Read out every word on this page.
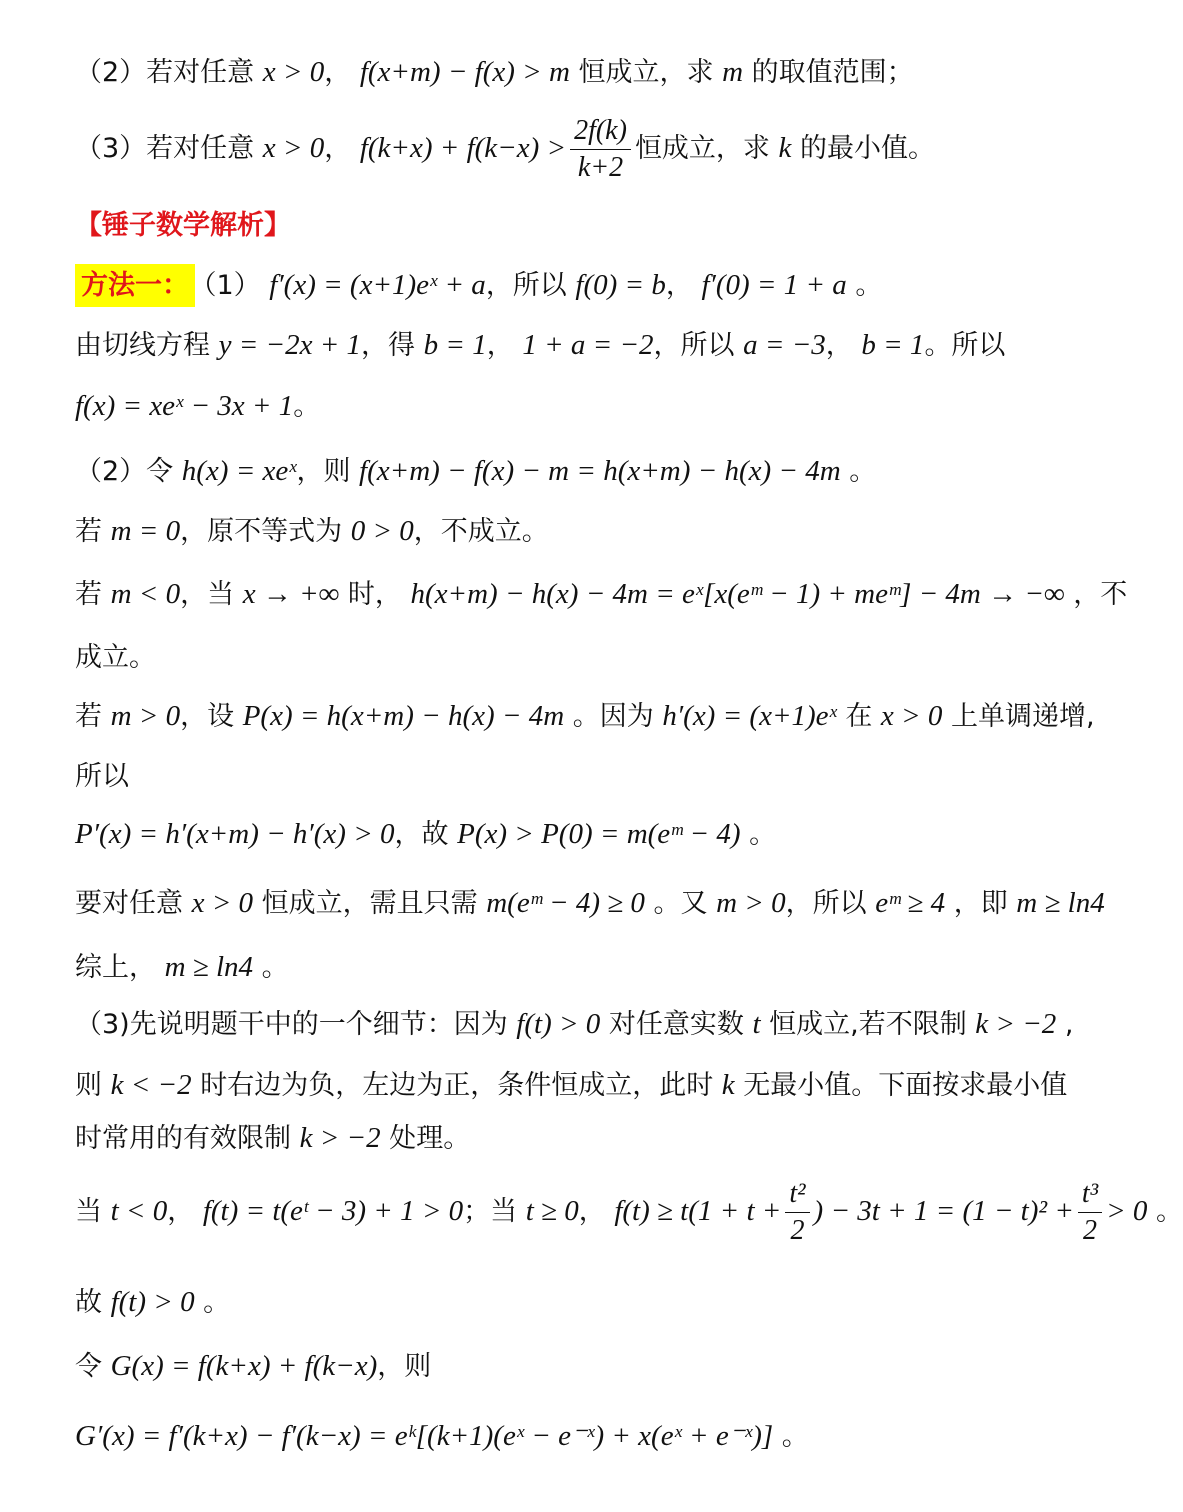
（2）若对任意 x > 0， f(x+m) − f(x) > m 恒成立，求 m 的取值范围；
（3）若对任意 x > 0， $f(k+x) + f(k-x) > \frac{2f(k)}{k+2}$ 恒成立，求 k 的最小值。
【锤子数学解析】
方法一： （1） f′(x) = (x+1)eˣ + a，所以 f(0) = b， f′(0) = 1 + a 。
由切线方程 y = −2x + 1，得 b = 1， 1 + a = −2，所以 a = −3， b = 1。所以
f(x) = xeˣ − 3x + 1。
（2）令 h(x) = xeˣ，则 f(x+m) − f(x) − m = h(x+m) − h(x) − 4m 。
若 m = 0，原不等式为 0 > 0，不成立。
若 m < 0，当 x → +∞ 时， h(x+m) − h(x) − 4m = eˣ[x(eᵐ − 1) + meᵐ] − 4m → −∞ ，不
成立。
若 m > 0，设 P(x) = h(x+m) − h(x) − 4m 。因为 h′(x) = (x+1)eˣ 在 x > 0 上单调递增,
所以
P′(x) = h′(x+m) − h′(x) > 0，故 P(x) > P(0) = m(eᵐ − 4) 。
要对任意 x > 0 恒成立，需且只需 m(eᵐ − 4) ≥ 0 。又 m > 0，所以 eᵐ ≥ 4 ，即 m ≥ ln4
综上， m ≥ ln4 。
（3)先说明题干中的一个细节：因为 f(t) > 0 对任意实数 t 恒成立,若不限制 k > −2 ,
则 k < −2 时右边为负，左边为正，条件恒成立，此时 k 无最小值。下面按求最小值
时常用的有效限制 k > −2 处理。
当 t < 0， f(t) = t(eᵗ − 3) + 1 > 0；当 t ≥ 0， $f(t) \ge t(1 + t + \frac{\text{t²}}{2}$ ) − $3t + 1 = (1 - t)^2 + \frac{\text{t³}}{2} > 0$ 。
故 f(t) > 0 。
令 G(x) = f(k+x) + f(k−x)，则
G′(x) = f′(k+x) − f′(k−x) = eᵏ[(k+1)(eˣ − e⁻ˣ) + x(eˣ + e⁻ˣ)] 。
